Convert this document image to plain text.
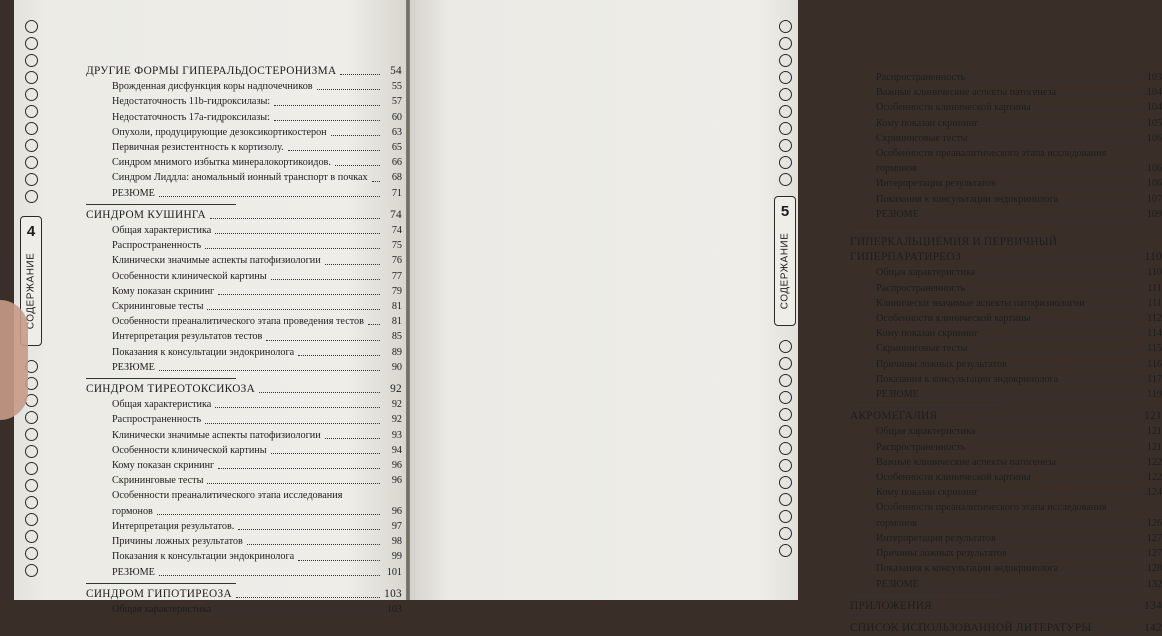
ДРУГИЕ ФОРМЫ ГИПЕРАЛЬДОСТЕРОНИЗМА	54
Врожденная дисфункция коры надпочечников	55
Недостаточность 11b-гидроксилазы:	57
Недостаточность 17а-гидроксилазы:	60
Опухоли, продуцирующие дезоксикортикостерон	63
Первичная резистентность к кортизолу.	65
Синдром мнимого избытка минералокортикоидов.	66
Синдром Лиддла: аномальный ионный транспорт в почках	68
РЕЗЮМЕ	71
СИНДРОМ КУШИНГА	74
Общая характеристика	74
Распространенность	75
Клинически значимые аспекты патофизиологии	76
Особенности клинической картины	77
Кому показан скрининг	79
Скрининговые тесты	81
Особенности преаналитического этапа проведения тестов	81
Интерпретация результатов тестов	85
Показания к консультации эндокринолога	89
РЕЗЮМЕ	90
СИНДРОМ ТИРЕОТОКСИКОЗА	92
Общая характеристика	92
Распространенность	92
Клинически значимые аспекты патофизиологии	93
Особенности клинической картины	94
Кому показан скрининг	96
Скрининговые тесты	96
Особенности преаналитического этапа исследования
гормонов	96
Интерпретация результатов.	97
Причины ложных результатов	98
Показания к консультации эндокринолога	99
РЕЗЮМЕ	101
СИНДРОМ ГИПОТИРЕОЗА	103
Общая характеристика	103
Распространенность	103
Важные клинические аспекты патогенеза	104
Особенности клинической картины	104
Кому показан скрининг	105
Скрининговые тесты	106
Особенности преаналитического этапа исследования
гормонов	106
Интерпретация результатов	106
Показания к консультации эндокринолога	107
РЕЗЮМЕ	109
ГИПЕРКАЛЬЦИЕМИЯ И ПЕРВИЧНЫЙ
ГИПЕРПАРАТИРЕОЗ	110
Общая характеристика	110
Распространенность	111
Клинически значимые аспекты патофизиологии	111
Особенности клинической картины	112
Кому показан скрининг	114
Скрининговые тесты	115
Причины ложных результатов	116
Показания к консультации эндокринолога	117
РЕЗЮМЕ	119
АКРОМЕГАЛИЯ	121
Общая характеристика	121
Распространенность	121
Важные клинические аспекты патогенеза	122
Особенности клинической картины	122
Кому показан скрининг	124
Особенности преаналитического этапа исследования
гормонов	126
Интерпретация результатов	127
Причины ложных результатов	127
Показания к консультации эндокринолога	128
РЕЗЮМЕ	132
ПРИЛОЖЕНИЯ	134
СПИСОК ИСПОЛЬЗОВАННОЙ ЛИТЕРАТУРЫ	142
4
СОДЕРЖАНИЕ
5
СОДЕРЖАНИЕ
